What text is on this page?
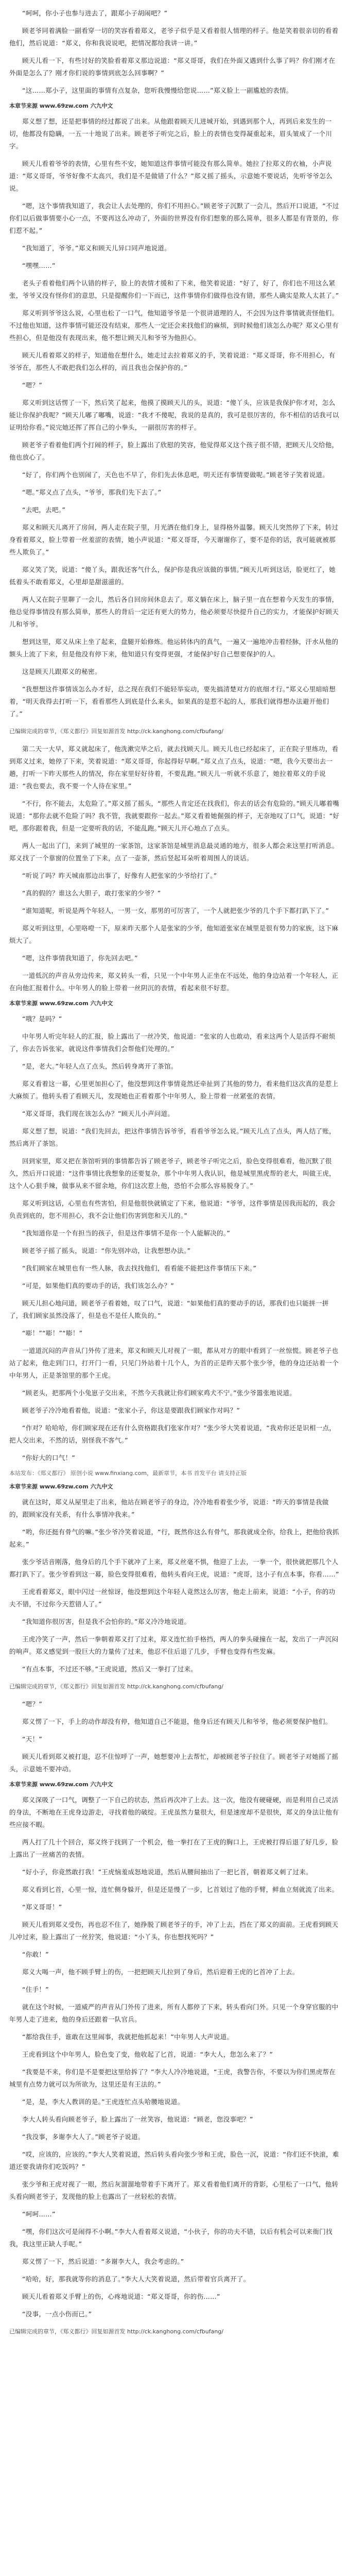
“呵呵，你小子也参与进去了，跟郑小子胡闹吧？”

顾老爷同着满脸一副看穿一切的笑容看着郑义，老爷子似乎是又看着很人情理的样子。他是笑着很亲切的看着他们，然后说道：“郑义，你和我说说吧，把情况都给我讲一讲。”

顾天儿看一下，有些讨好的笑脸看着郑义那边说道：“郑义哥哥，我们在外面又遇到什么事了吗？你们刚才在外面是怎么了？刚才你们说的事情到底怎么回事啊？”

“这……郑小子，这里面的事情有点复杂，您听我慢慢给您说……”郑义脸上一副尴尬的表情。

本章节来源 www.69zw.com 六九中文

郑义想了想，还是把事情的经过都说了出来。从他跟着顾天儿进城开始，到遇到那个人，再到后来发生的一切，他都没有隐瞒，一五一十地说了出来。顾老爷子听完之后，脸上的表情也变得凝重起来，眉头皱成了一个川字。

顾天儿看着爷爷的表情，心里有些不安，她知道这件事情可能没有那么简单。她拉了拉郑义的衣袖，小声说道：“郑义哥哥，爷爷好像不太高兴，我们是不是做错了什么？”郑义摇了摇头，示意她不要说话，先听爷爷怎么说。

“嗯，这个事情我知道了，我会让人去处理的，你们不用担心。”顾老爷子沉默了一会儿，然后开口说道，“不过你们以后做事情要小心一点，不要再这么冲动了，外面的世界没有你们想象的那么简单，很多人都是有背景的，你们惹不起。”

“我知道了，爷爷。”郑义和顾天儿异口同声地说道。

“嘿嘿……”

老头子看着他们两个认错的样子，脸上的表情才缓和了下来，他笑着说道：“好了，好了，你们也不用这么紧张，爷爷又没有怪你们的意思，只是提醒你们一下而已，这件事情你们做得也没有错，那些人确实是欺人太甚了。”

郑义听到爷爷这么说，心里也松了一口气，他知道爷爷是一个很讲道理的人，不会因为这件事情就责怪他们。不过他也知道，这件事情可能还没有结束，那些人一定还会来找他们的麻烦，到时候他们该怎么办呢？郑义心里有些担心，但是他没有表现出来，他不想让顾天儿和爷爷为他担心。

顾天儿看着郑义的样子，知道他在想什么，她走过去拉着郑义的手，笑着说道：“郑义哥哥，你不用担心，有爷爷在，那些人不敢把我们怎么样的，而且我也会保护你的。”

“嗯？”

郑义听到这话愣了一下，然后笑了起来，他摸了摸顾天儿的头，说道：“傻丫头，应该是我保护你才对，怎么能让你保护我呢？”顾天儿嘟了嘟嘴，说道：“我才不傻呢，我说的是真的，我可是很厉害的，你不相信的话我可以证明给你看。”说完她还挥了挥自己的小拳头，一副很厉害的样子。

顾老爷子看着他们两个打闹的样子，脸上露出了欣慰的笑容，他觉得郑义这个孩子很不错，把顾天儿交给他，他也放心了。

“好了，你们两个也别闹了，天色也不早了，你们先去休息吧，明天还有事情要做呢。”顾老爷子笑着说道。

“嗯。”郑义点了点头，“爷爷，那我们先下去了。”

“去吧，去吧。”

郑义和顾天儿离开了房间，两人走在院子里，月光洒在他们身上，显得格外温馨。顾天儿突然停了下来，转过身看着郑义，脸上带着一丝羞涩的表情，她小声说道：“郑义哥哥，今天谢谢你了，要不是你的话，我可能就被那些人欺负了。”

郑义笑了笑，说道：“傻丫头，跟我还客气什么，保护你是我应该做的事情。”顾天儿听到这话，脸更红了，她低着头不敢看郑义，心里却是甜滋滋的。

两人又在院子里聊了一会儿，然后各自回房间休息去了。郑义躺在床上，脑子里一直在想着今天发生的事情，他总觉得事情没有那么简单，那些人的背后一定还有更大的势力，他必须要尽快提升自己的实力，才能保护好顾天儿和爷爷。

想到这里，郑义从床上坐了起来，盘腿开始修炼。他运转体内的真气，一遍又一遍地冲击着经脉，汗水从他的额头上流了下来，但是他没有停下来，他知道只有变得更强，才能保护好自己想要保护的人。

这是顾天儿跟郑义的秘密。

“我想想这件事情该怎么办才好，总之现在我们不能轻举妄动，要先搞清楚对方的底细才行。”郑义心里暗暗想着，“明天我得去打听一下，看看那些人到底是什么来头，如果真的是惹不起的人，那我们就得想办法避开他们了。”

已编辑完成的章节，《郑义都行》回复如源首发 http://ck.kanghong.com/cfbufang/

第二天一大早，郑义就起床了，他洗漱完毕之后，就去找顾天儿。顾天儿也已经起床了，正在院子里练功，看到郑义过来，她停了下来，笑着说道：“郑义哥哥，你起得好早啊。”郑义点了点头，说道：“嗯，我今天要出去一趟，打听一下昨天那些人的情况，你在家里好好待着，不要乱跑。”顾天儿一听就不乐意了，她拉着郑义的手说道：“我也要去，我不要一个人待在家里。”

“不行，你不能去，太危险了。”郑义摇了摇头，“那些人肯定还在找我们，你去的话会有危险的。”顾天儿嘟着嘴说道：“那你去就不危险了吗？我不管，我就要跟你一起去。”郑义看着她倔强的样子，无奈地叹了口气，说道：“好吧，那你跟着我，但是一定要听我的话，不能乱跑。”顾天儿开心地点了点头。

两人一起出了门，来到了城里的一家茶馆，这家茶馆是城里消息最灵通的地方，很多人都会来这里打听消息。郑义找了一个靠窗的位置坐了下来，点了一壶茶，然后竖起耳朵听着周围人的谈话。

“听说了吗？昨天城南那边出事了，好像有人把张家的少爷给打了。”

“真的假的？谁这么大胆子，敢打张家的少爷？”

“谁知道呢，听说是两个年轻人，一男一女，那男的可厉害了，一个人就把张少爷的几个手下都打趴下了。”

郑义听到这里，心里咯噔一下，原来昨天那个人是张家的少爷，他知道张家在城里是很有势力的家族，这下麻烦大了。

“嗯，这件事情我知道了，你先回去吧。”

一道低沉的声音从旁边传来，郑义转头一看，只见一个中年男人正坐在不远处，他的身边站着一个年轻人，正在向他汇报着什么。中年男人的脸上带着一丝阴沉的表情，看起来很不好惹。

本章节来源 www.69zw.com 六九中文

“哦？是吗？”

中年男人听完年轻人的汇报，脸上露出了一丝冷笑，他说道：“张家的人也敢动，看来这两个人是活得不耐烦了，你去告诉张家，就说这件事情我们会帮他们处理的。”

“是，老大。”年轻人点了点头，然后转身离开了茶馆。

郑义看着这一幕，心里更加担心了，他没想到这件事情竟然还牵扯到了其他的势力，看来他们这次真的是惹上大麻烦了。他转头看了看顾天儿，发现她也正看着那个中年男人，脸上带着一丝紧张的表情。

“郑义哥哥，我们现在该怎么办？”顾天儿小声问道。

郑义想了想，说道：“我们先回去，把这件事情告诉爷爷，看看爷爷怎么说。”顾天儿点了点头，两人结了账，然后离开了茶馆。

回到家里，郑义把在茶馆听到的事情都告诉了顾老爷子，顾老爷子听完之后，脸色变得很难看，他沉默了很久，然后开口说道：“这件事情比我想象的还要复杂，那个中年男人我认识，他是城里黑虎帮的老大，叫做王虎，这个人心狠手辣，做事从来不留余地，你们这次惹上他，恐怕不会那么容易脱身了。”

郑义听到这话，心里也有些害怕，但是他很快就镇定了下来，他说道：“爷爷，这件事情是因我而起的，我会负责到底的，您不用担心，我不会让他们伤害到您和天儿的。”

“我知道你是一个有担当的孩子，但是这件事情不是你一个人能解决的。”

顾老爷子摇了摇头，说道：“你先别冲动，让我想想办法。”

“我们顾家在城里也有一些人脉，我去找找他们，看看能不能把这件事情压下来。”

“可是，如果他们真的要动手的话，我们该怎么办？”

顾天儿担心地问道，顾老爷子看着她，叹了口气，说道：“如果他们真的要动手的话，那我们也只能拼一拼了，我们顾家虽然没落了，但是也不是任人欺负的。”

“嘭！”“嘭！”“嘭！”

一道道沉闷的声音从门外传了进来，郑义和顾天儿对视了一眼，都从对方的眼中看到了一丝惊慌。顾老爷子也站了起来，他走到门口，打开门一看，只见门外站着十几个人，为首的正是昨天那个张少爷，他的身边还站着一个中年男人，正是茶馆里的那个王虎。

“顾老头，把那两个小兔崽子交出来，不然今天我就让你们顾家鸡犬不宁。”张少爷嚣张地说道。

顾老爷子冷冷地看着他，说道：“张家小子，你这是要跟我们顾家作对吗？”

“作对？哈哈哈，你们顾家现在还有什么资格跟我们张家作对？”张少爷大笑着说道，“我劝你还是识相一点，把人交出来，不然的话，别怪我不客气。”

“你好大的口气！”

本站发布：《郑义都行》 原创小说 www.finxiang.com，最新章节，本书 首发平台 请支持正版

本章节来源 www.69zw.com 六九中文

就在这时，郑义从屋里走了出来，他站在顾老爷子的身边，冷冷地看着张少爷，说道：“昨天的事情是我做的，跟顾家没有关系，有什么事情冲我来。”

“哟，你还挺有骨气的嘛。”张少爷冷笑着说道，“行，既然你这么有骨气，那我就成全你，给我上，把他给我抓起来。”

张少爷话音刚落，他身后的几个手下就冲了上来，郑义丝毫不惧，他迎了上去，一拳一个，很快就把那几个人都打趴下了。张少爷看到这一幕，脸色变得很难看，他转头看向王虎，说道：“虎哥，这小子有点本事，你看……”

王虎看着郑义，眼中闪过一丝惊讶，他没想到这个年轻人竟然这么厉害，他走上前来，说道：“小子，你的功夫不错，不过你今天惹错人了。”

“我知道你很厉害，但是我不会怕你的。”郑义冷冷地说道。

王虎冷笑了一声，然后一拳朝着郑义打了过来，郑义连忙抬手格挡，两人的拳头碰撞在一起，发出了一声沉闷的响声。郑义感觉到一股巨大的力量传了过来，他忍不住后退了几步，手臂也变得有些发麻。

“有点本事，不过还不够。”王虎说道，然后又一拳打了过来。

已编辑完成的章节，《郑义都行》回复如源首发 http://ck.kanghong.com/cfbufang/

“嗯？”

郑义愣了一下，手上的动作却没有停，他知道自己不能退，他身后还有顾天儿和爷爷，他必须要保护他们。

“天！”

顾天儿看到郑义被打退，忍不住惊呼了一声，她想要冲上去帮忙，却被顾老爷子拉住了。顾老爷子对她摇了摇头，示意她不要冲动。

本章节来源 www.69zw.com 六九中文

郑义深吸了一口气，调整了一下自己的状态，然后再次冲了上去。这一次，他没有硬碰硬，而是利用自己灵活的身法，不断地在王虎身边游走，寻找着他的破绽。王虎虽然力量很大，但是速度却不是很快，郑义的身法让他有些应接不暇。

两人打了几十个回合，郑义终于找到了一个机会，他一拳打在了王虎的胸口上，王虎被打得后退了好几步，脸上露出了一丝痛苦的表情。

“好小子，你竟然敢打我！”王虎恼羞成怒地说道，然后从腰间抽出了一把匕首，朝着郑义刺了过来。

郑义看到匕首，心里一惊，连忙侧身躲开，但是还是慢了一步，匕首划过了他的手臂，鲜血立刻就流了出来。

“郑义哥哥！”

顾天儿看到郑义受伤，再也忍不住了，她挣脱了顾老爷子的手，冲了上去，挡在了郑义的面前。王虎看到顾天儿冲过来，脸上露出了一丝狞笑，他说道：“小丫头，你也想找死吗？”

“你敢！”

郑义大喝一声，他不顾手臂上的伤，一把把顾天儿拉到了身后，然后迎着王虎的匕首冲了上去。

“住手！”

就在这个时候，一道威严的声音从门外传了进来，所有人都停了下来，转头看向门外。只见一个身穿官服的中年男人走了进来，他的身后还跟着一队官兵。

“都给我住手，谁敢在这里闹事，我就把他抓起来！”中年男人大声说道。

王虎看到这个中年男人，脸色变了变，他收起了匕首，说道：“李大人，您怎么来了？”

“我要是不来，你们是不是要把这里给拆了？”李大人冷冷地说道，“王虎，我警告你，不要以为你们黑虎帮在城里有点势力就可以为所欲为，这里还是有王法的。”

“是，是，李大人教训的是。”王虎连忙点头哈腰地说道。

李大人转头看向顾老爷子，脸上露出了一丝笑容，他说道：“顾老，您没事吧？”

“我没事，多谢李大人了。”顾老爷子说道。

“哎，应该的，应该的。”李大人笑着说道，然后转头看向张少爷和王虎，脸色一沉，说道：“你们还不快滚，难道还要我请你们吃饭吗？”

张少爷和王虎对视了一眼，然后灰溜溜地带着手下离开了。郑义看着他们离开的背影，心里松了一口气，他转头看向顾老爷子，发现他的脸上也露出了一丝轻松的表情。

“呵呵……”

“嘿，你们这次可是闹得不小啊。”李大人看着郑义说道，“小伙子，你的功夫不错，以后有机会可以来衙门找我，我这里正缺人手呢。”

郑义愣了一下，然后说道：“多谢李大人，我会考虑的。”

“哈哈，好，那我就等你的消息了。”李大人大笑着说道，然后带着官兵离开了。

顾天儿看着郑义手臂上的伤，心疼地说道：“郑义哥哥，你的伤……”

“没事，一点小伤而已。”

已编辑完成的章节，《郑义都行》回复如源首发 http://ck.kanghong.com/cfbufang/
